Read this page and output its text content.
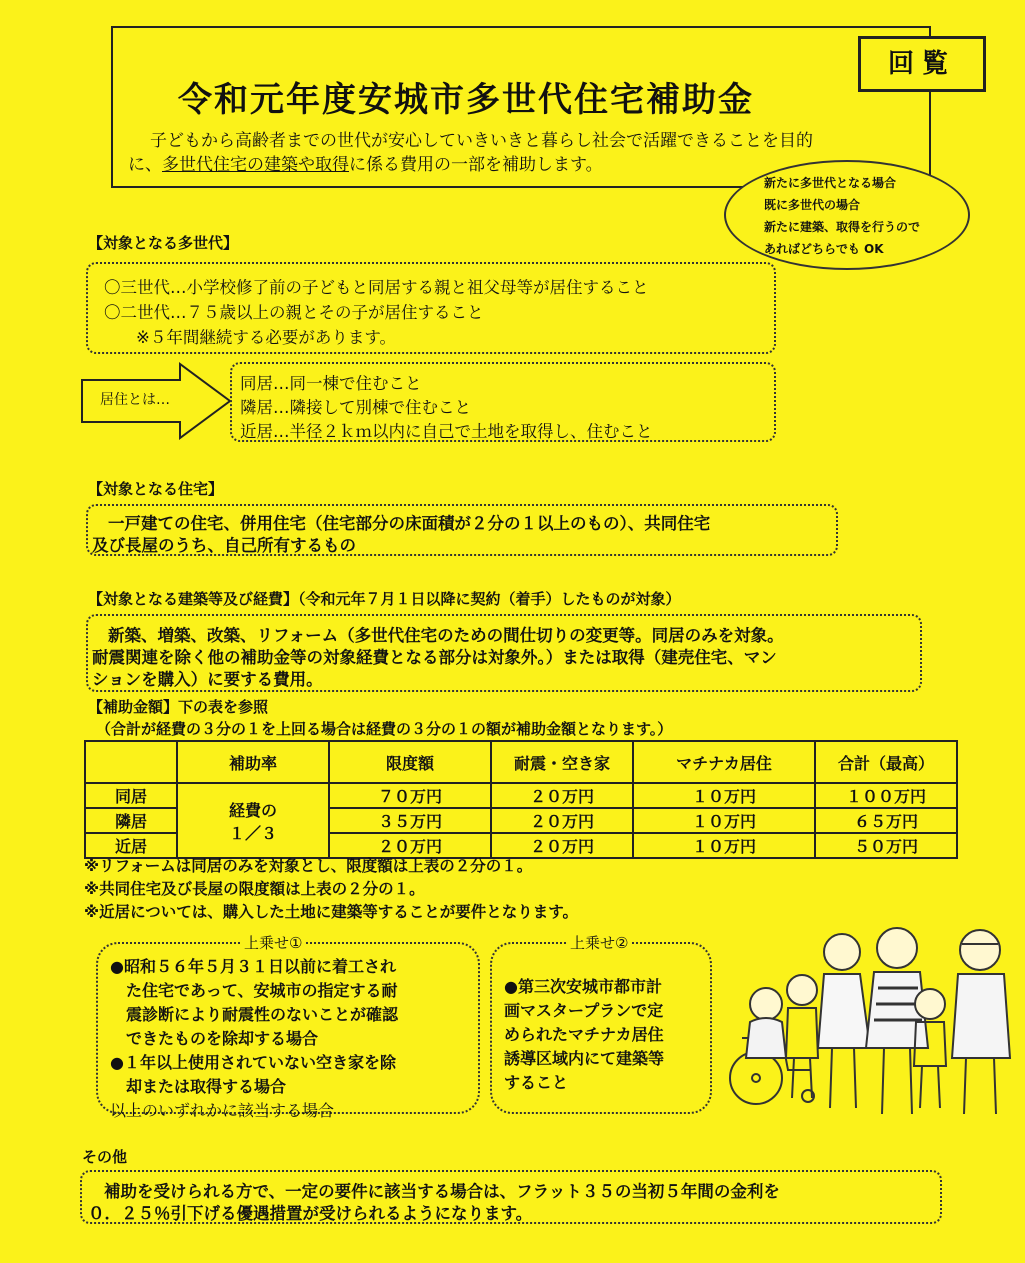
令和元年度安城市多世代住宅補助金
回覧
子どもから高齢者までの世代が安心していきいきと暮らし社会で活躍できることを目的
に、多世代住宅の建築や取得に係る費用の一部を補助します。
新たに多世代となる場合
既に多世代の場合
新たに建築、取得を行うので
あればどちらでも OK
【対象となる多世代】
〇三世代…小学校修了前の子どもと同居する親と祖父母等が居住すること
〇二世代…７５歳以上の親とその子が居住すること
※５年間継続する必要があります。
居住とは…
同居…同一棟で住むこと
隣居…隣接して別棟で住むこと
近居…半径２ｋｍ以内に自己で土地を取得し、住むこと
【対象となる住宅】
一戸建ての住宅、併用住宅（住宅部分の床面積が２分の１以上のもの）、共同住宅
及び長屋のうち、自己所有するもの
【対象となる建築等及び経費】（令和元年７月１日以降に契約（着手）したものが対象）
新築、増築、改築、リフォーム（多世代住宅のための間仕切りの変更等。同居のみを対象。
耐震関連を除く他の補助金等の対象経費となる部分は対象外。）または取得（建売住宅、マン
ションを購入）に要する費用。
【補助金額】下の表を参照
（合計が経費の３分の１を上回る場合は経費の３分の１の額が補助金額となります。）
	補助率	限度額	耐震・空き家	マチナカ居住	合計（最高）
同居	経費の
１／３	７０万円	２０万円	１０万円	１００万円
隣居		３５万円	２０万円	１０万円	６５万円
近居		２０万円	２０万円	１０万円	５０万円
※リフォームは同居のみを対象とし、限度額は上表の２分の１。
※共同住宅及び長屋の限度額は上表の２分の１。
※近居については、購入した土地に建築等することが要件となります。
上乗せ①
●昭和５６年５月３１日以前に着工され
た住宅であって、安城市の指定する耐
震診断により耐震性のないことが確認
できたものを除却する場合
●１年以上使用されていない空き家を除
却または取得する場合
以上のいずれかに該当する場合
上乗せ②
●第三次安城市都市計
画マスタープランで定
められたマチナカ居住
誘導区域内にて建築等
すること
その他
補助を受けられる方で、一定の要件に該当する場合は、フラット３５の当初５年間の金利を
０．２５％引下げる優遇措置が受けられるようになります。
